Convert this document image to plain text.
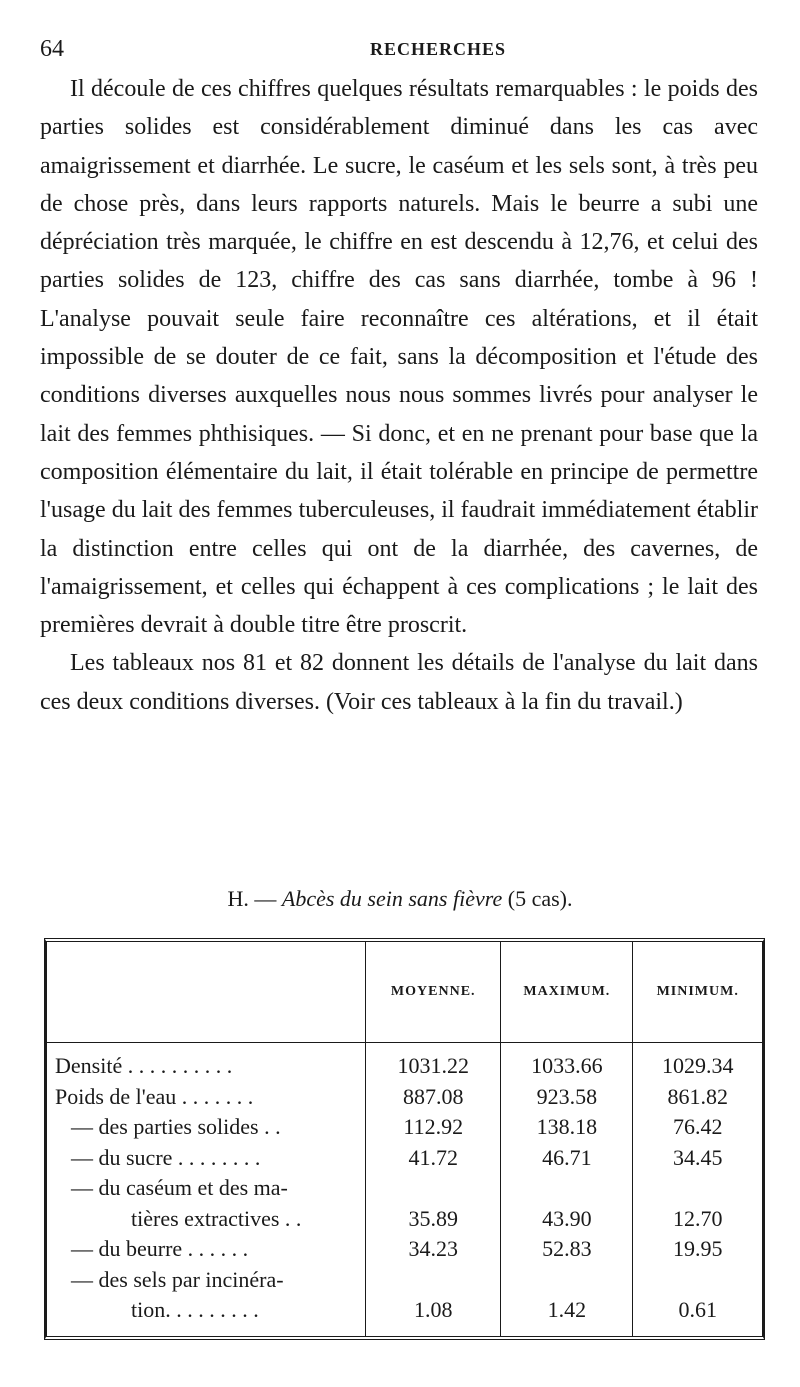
64	RECHERCHES

Il découle de ces chiffres quelques résultats remarquables : le poids des parties solides est considérablement diminué dans les cas avec amaigrissement et diarrhée. Le sucre, le caséum et les sels sont, à très peu de chose près, dans leurs rapports naturels. Mais le beurre a subi une dépréciation très marquée, le chiffre en est descendu à 12,76, et celui des parties solides de 123, chiffre des cas sans diarrhée, tombe à 96 ! L'analyse pouvait seule faire reconnaître ces altérations, et il était impossible de se douter de ce fait, sans la décomposition et l'étude des conditions diverses auxquelles nous nous sommes livrés pour analyser le lait des femmes phthisiques. — Si donc, et en ne prenant pour base que la composition élémentaire du lait, il était tolérable en principe de permettre l'usage du lait des femmes tuberculeuses, il faudrait immédiatement établir la distinction entre celles qui ont de la diarrhée, des cavernes, de l'amaigrissement, et celles qui échappent à ces complications ; le lait des premières devrait à double titre être proscrit.

Les tableaux nos 81 et 82 donnent les détails de l'analyse du lait dans ces deux conditions diverses. (Voir ces tableaux à la fin du travail.)

H. — Abcès du sein sans fièvre (5 cas).
	MOYENNE.	MAXIMUM.	MINIMUM.
Densité . . . . . . . . . .	1031.22	1033.66	1029.34
Poids de l'eau . . . . . . .	887.08	923.58	861.82
— des parties solides . .	112.92	138.18	76.42
— du sucre . . . . . . . .	41.72	46.71	34.45
— du caséum et des ma-			
tières extractives . .	35.89	43.90	12.70
— du beurre . . . . . .	34.23	52.83	19.95
— des sels par incinéra-			
tion. . . . . . . . .	1.08	1.42	0.61
